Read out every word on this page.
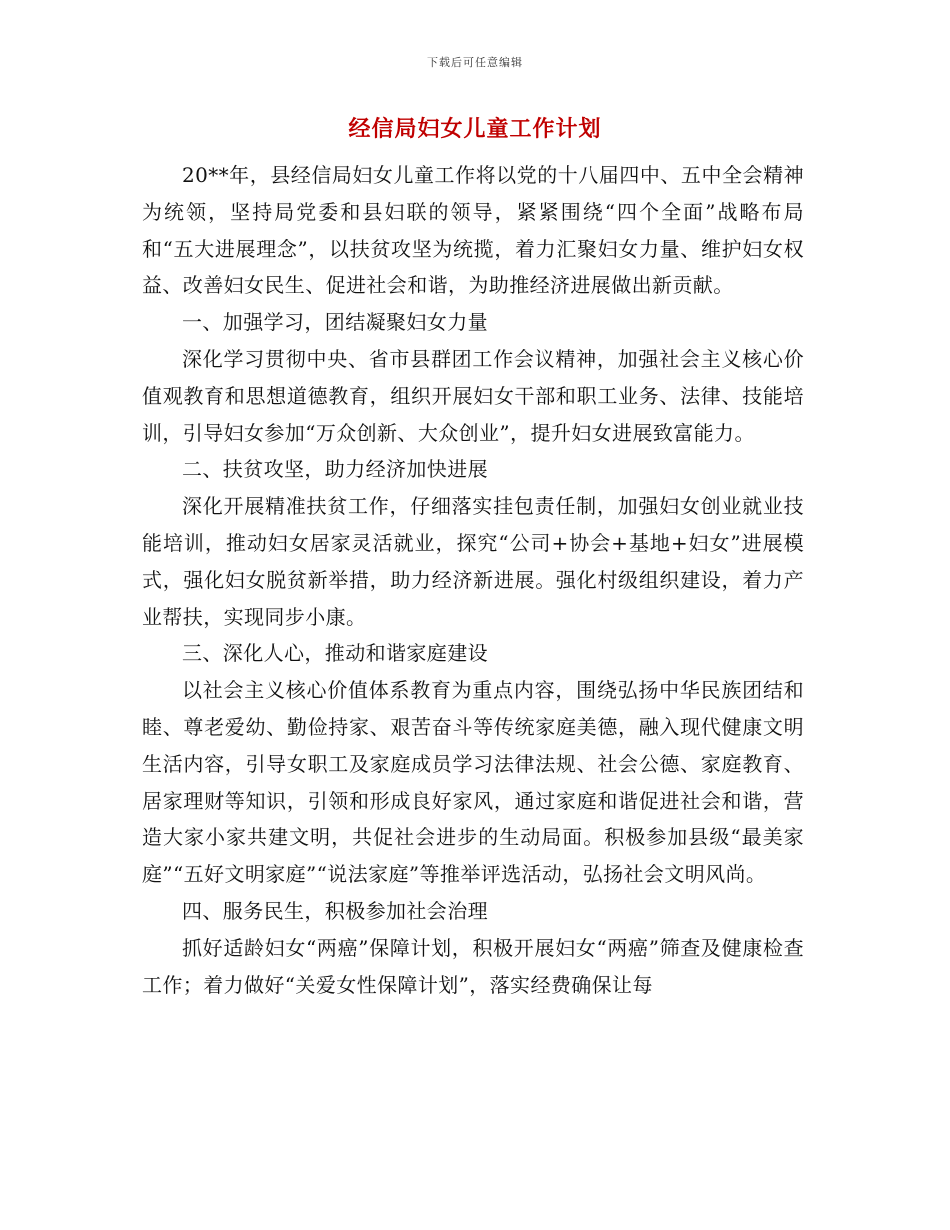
下载后可任意编辑
经信局妇女儿童工作计划

20**年，县经信局妇女儿童工作将以党的十八届四中、五中全会精神为统领，坚持局党委和县妇联的领导，紧紧围绕“四个全面”战略布局和“五大进展理念”，以扶贫攻坚为统揽，着力汇聚妇女力量、维护妇女权益、改善妇女民生、促进社会和谐，为助推经济进展做出新贡献。

一、加强学习，团结凝聚妇女力量

深化学习贯彻中央、省市县群团工作会议精神，加强社会主义核心价值观教育和思想道德教育，组织开展妇女干部和职工业务、法律、技能培训，引导妇女参加“万众创新、大众创业”，提升妇女进展致富能力。

二、扶贫攻坚，助力经济加快进展

深化开展精准扶贫工作，仔细落实挂包责任制，加强妇女创业就业技能培训，推动妇女居家灵活就业，探究“公司+协会+基地+妇女”进展模式，强化妇女脱贫新举措，助力经济新进展。强化村级组织建设，着力产业帮扶，实现同步小康。

三、深化人心，推动和谐家庭建设

以社会主义核心价值体系教育为重点内容，围绕弘扬中华民族团结和睦、尊老爱幼、勤俭持家、艰苦奋斗等传统家庭美德，融入现代健康文明生活内容，引导女职工及家庭成员学习法律法规、社会公德、家庭教育、居家理财等知识，引领和形成良好家风，通过家庭和谐促进社会和谐，营造大家小家共建文明，共促社会进步的生动局面。积极参加县级“最美家庭”“五好文明家庭”“说法家庭”等推举评选活动，弘扬社会文明风尚。

四、服务民生，积极参加社会治理

抓好适龄妇女“两癌”保障计划，积极开展妇女“两癌”筛查及健康检查工作；着力做好“关爱女性保障计划”，落实经费确保让每
